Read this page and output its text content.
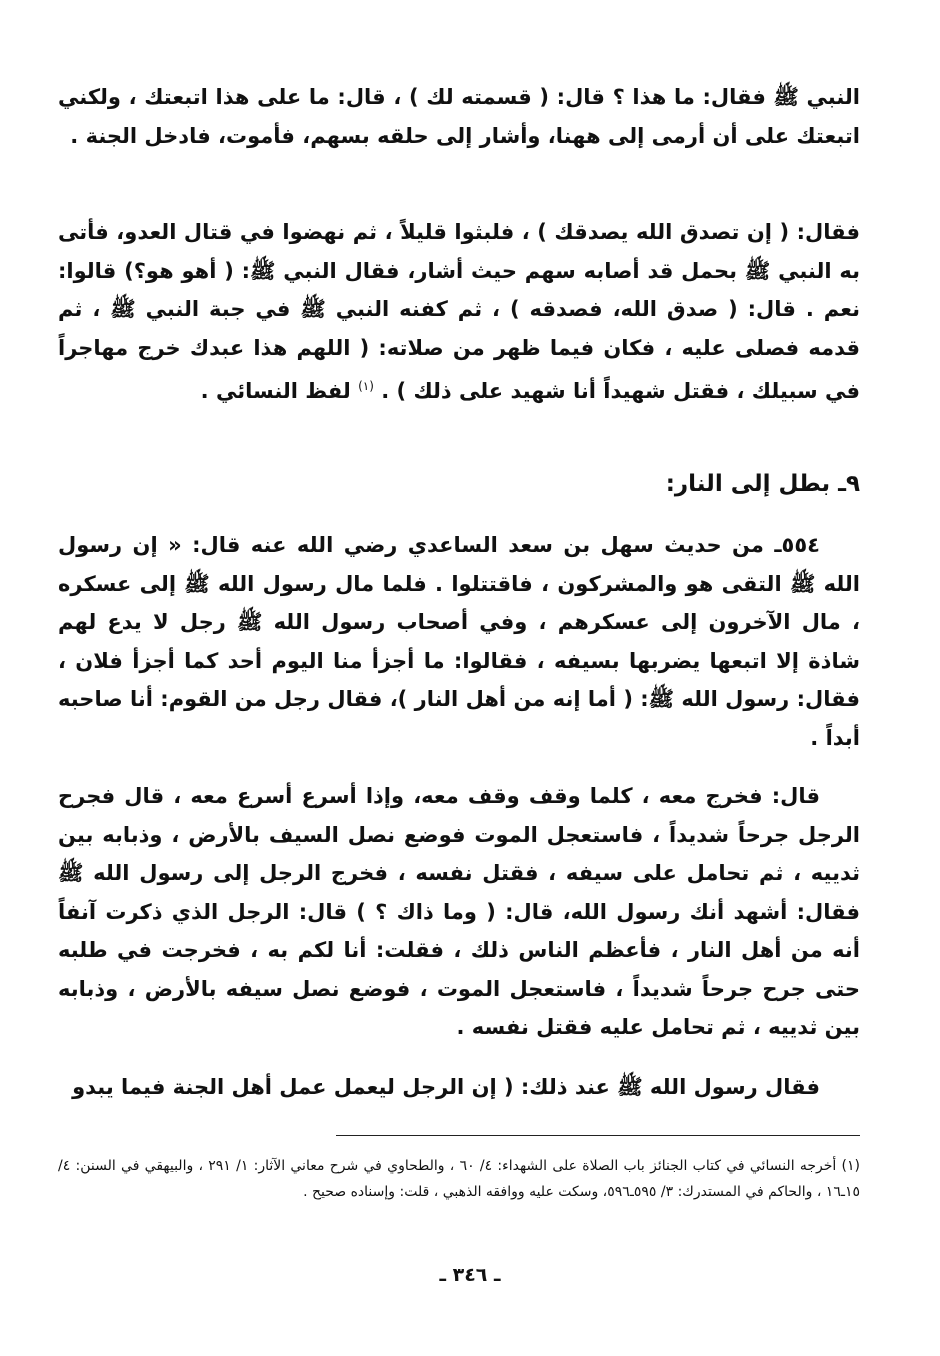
النبي ﷺ فقال: ما هذا ؟ قال: ( قسمته لك ) ، قال: ما على هذا اتبعتك ، ولكني اتبعتك على أن أرمى إلى ههنا، وأشار إلى حلقه بسهم، فأموت، فادخل الجنة .

فقال: ( إن تصدق الله يصدقك ) ، فلبثوا قليلاً ، ثم نهضوا في قتال العدو، فأتى به النبي ﷺ بحمل قد أصابه سهم حيث أشار، فقال النبي ﷺ: ( أهو هو؟) قالوا: نعم . قال: ( صدق الله، فصدقه ) ، ثم كفنه النبي ﷺ في جبة النبي ﷺ ، ثم قدمه فصلى عليه ، فكان فيما ظهر من صلاته: ( اللهم هذا عبدك خرج مهاجراً في سبيلك ، فقتل شهيداً أنا شهيد على ذلك ) . $^{(١)}$ لفظ النسائي .

٩ـ بطل إلى النار:

٥٥٤ـ من حديث سهل بن سعد الساعدي رضي الله عنه قال: « إن رسول الله ﷺ التقى هو والمشركون ، فاقتتلوا . فلما مال رسول الله ﷺ إلى عسكره ، مال الآخرون إلى عسكرهم ، وفي أصحاب رسول الله ﷺ رجل لا يدع لهم شاذة إلا اتبعها يضربها بسيفه ، فقالوا: ما أجزأ منا اليوم أحد كما أجزأ فلان ، فقال: رسول الله ﷺ: ( أما إنه من أهل النار )، فقال رجل من القوم: أنا صاحبه أبداً .

قال: فخرج معه ، كلما وقف وقف معه، وإذا أسرع أسرع معه ، قال فجرح الرجل جرحاً شديداً ، فاستعجل الموت فوضع نصل السيف بالأرض ، وذبابه بين ثدييه ، ثم تحامل على سيفه ، فقتل نفسه ، فخرج الرجل إلى رسول الله ﷺ فقال: أشهد أنك رسول الله، قال: ( وما ذاك ؟ ) قال: الرجل الذي ذكرت آنفاً أنه من أهل النار ، فأعظم الناس ذلك ، فقلت: أنا لكم به ، فخرجت في طلبه حتى جرح جرحاً شديداً ، فاستعجل الموت ، فوضع نصل سيفه بالأرض ، وذبابه بين ثدييه ، ثم تحامل عليه فقتل نفسه .

فقال رسول الله ﷺ عند ذلك: ( إن الرجل ليعمل عمل أهل الجنة فيما يبدو

(١) أخرجه النسائي في كتاب الجنائز باب الصلاة على الشهداء: ٤/ ٦٠ ، والطحاوي في شرح معاني الآثار: ١/ ٢٩١ ، والبيهقي في السنن: ٤/ ١٥ـ١٦ ، والحاكم في المستدرك: ٣/ ٥٩٥ـ٥٩٦، وسكت عليه ووافقه الذهبي ، قلت: وإسناده صحيح .

ـ ٣٤٦ ـ
